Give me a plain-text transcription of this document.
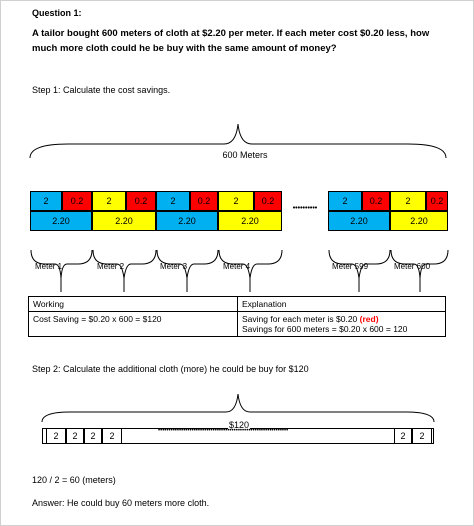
Question 1:
A tailor bought 600 meters of cloth at $2.20 per meter. If each meter cost $0.20 less, how much more cloth could he be buy with the same amount of money?
Step 1: Calculate the cost savings.
600 Meters
2	0.2
2.20
2	0.2
2.20
2	0.2
2.20
2	0.2
2.20
••••••••••
2	0.2
2.20
2	0.2
2.20
Meter 1	Meter 2	Meter 3	Meter 4	Meter 599	Meter 600
Working	Explanation
Cost Saving = $0.20 x 600 = $120	Saving for each meter is $0.20 (red)
Savings for 600 meters = $0.20 x 600 = 120
Step 2: Calculate the additional cloth (more) he could be buy for $120
$120
2	2	2	2	••••••••••••••••••••••••••••••••••••••••••••••••••••••••••••••	2	2
120 / 2 = 60 (meters)
Answer: He could buy 60 meters more cloth.
